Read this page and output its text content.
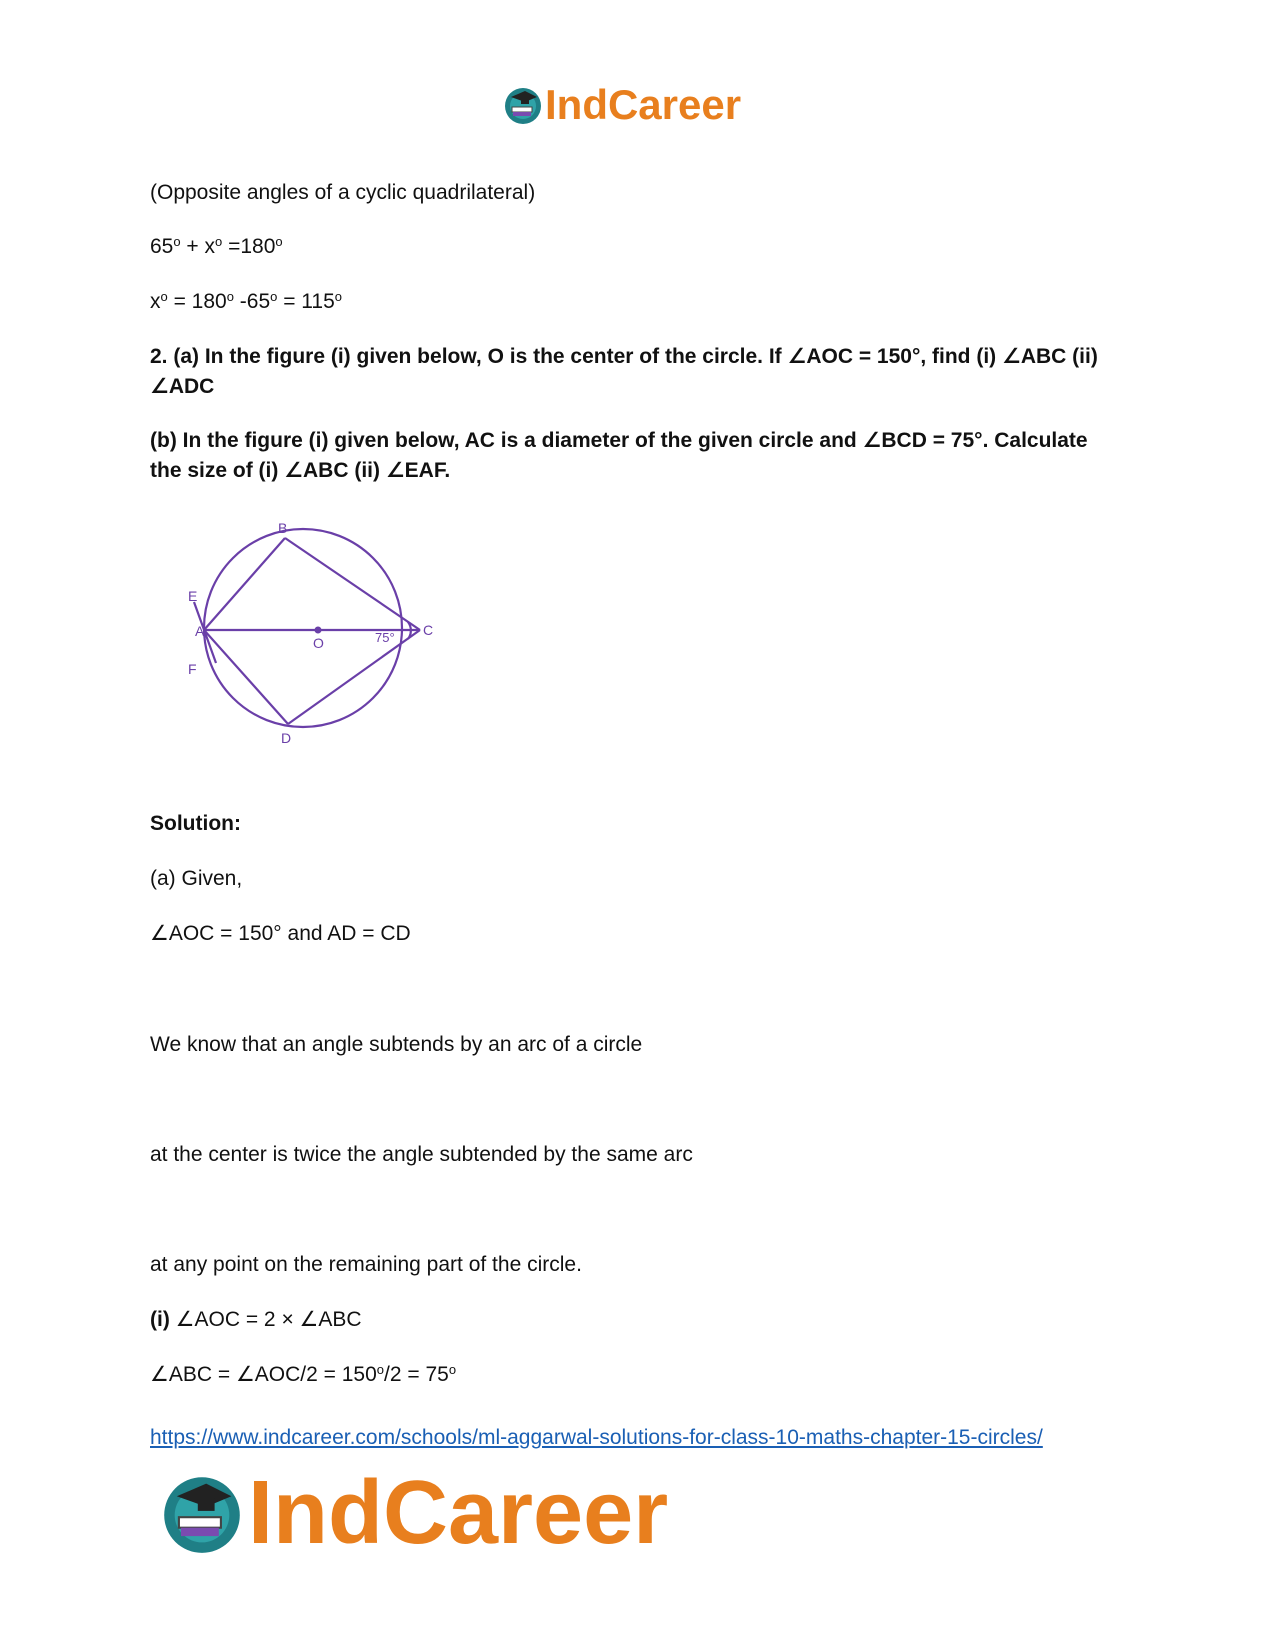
IndCareer
(Opposite angles of a cyclic quadrilateral)
$65^o + x^o =180^o$
$x^o = 180^o$ $-65^o = 115^o$
2. (a) In the figure (i) given below, O is the center of the circle. If ∠AOC = 150°, find (i) ∠ABC (ii) ∠ADC
(b) In the figure (i) given below, AC is a diameter of the given circle and ∠BCD = 75°. Calculate the size of (i) ∠ABC (ii) ∠EAF.
B
E
A
O	75° C
F
D
Solution:
(a) Given,
∠AOC = 150° and AD = CD
We know that an angle subtends by an arc of a circle
at the center is twice the angle subtended by the same arc
at any point on the remaining part of the circle.
(i) ∠AOC = 2 × ∠ABC
∠ABC = ∠AOC/2 = $150^o/2 = 75^o$
https://www.indcareer.com/schools/ml-aggarwal-solutions-for-class-10-maths-chapter-15-circles/
IndCareer
